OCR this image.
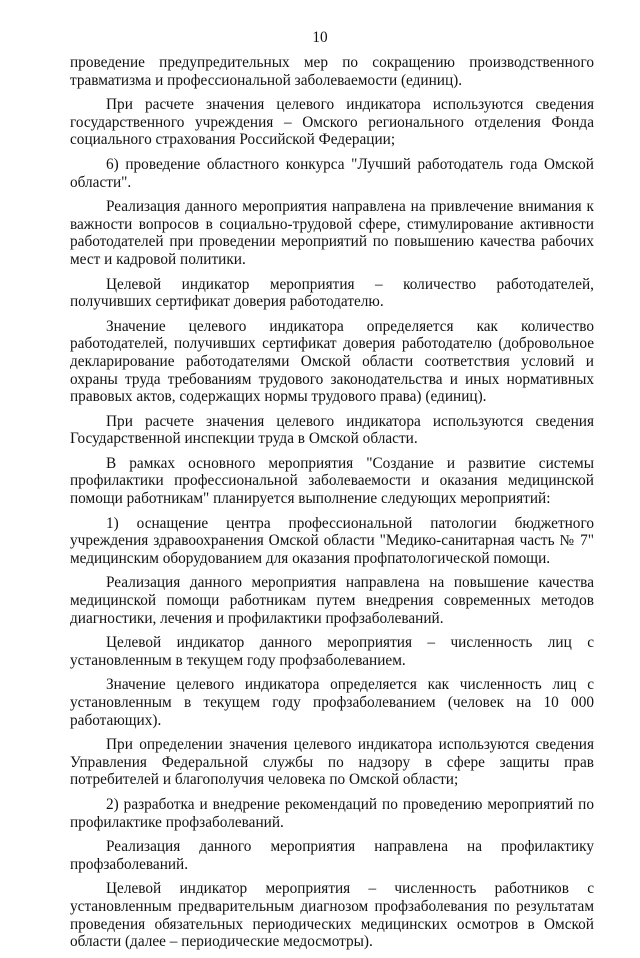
10

проведение предупредительных мер по сокращению производственного травматизма и профессиональной заболеваемости (единиц).

При расчете значения целевого индикатора используются сведения государственного учреждения – Омского регионального отделения Фонда социального страхования Российской Федерации;

6) проведение областного конкурса "Лучший работодатель года Омской области".

Реализация данного мероприятия направлена на привлечение внимания к важности вопросов в социально-трудовой сфере, стимулирование активности работодателей при проведении мероприятий по повышению качества рабочих мест и кадровой политики.

Целевой индикатор мероприятия – количество работодателей, получивших сертификат доверия работодателю.

Значение целевого индикатора определяется как количество работодателей, получивших сертификат доверия работодателю (добровольное декларирование работодателями Омской области соответствия условий и охраны труда требованиям трудового законодательства и иных нормативных правовых актов, содержащих нормы трудового права) (единиц).

При расчете значения целевого индикатора используются сведения Государственной инспекции труда в Омской области.

В рамках основного мероприятия "Создание и развитие системы профилактики профессиональной заболеваемости и оказания медицинской помощи работникам" планируется выполнение следующих мероприятий:

1) оснащение центра профессиональной патологии бюджетного учреждения здравоохранения Омской области "Медико-санитарная часть № 7" медицинским оборудованием для оказания профпатологической помощи.

Реализация данного мероприятия направлена на повышение качества медицинской помощи работникам путем внедрения современных методов диагностики, лечения и профилактики профзаболеваний.

Целевой индикатор данного мероприятия – численность лиц с установленным в текущем году профзаболеванием.

Значение целевого индикатора определяется как численность лиц с установленным в текущем году профзаболеванием (человек на 10 000 работающих).

При определении значения целевого индикатора используются сведения Управления Федеральной службы по надзору в сфере защиты прав потребителей и благополучия человека по Омской области;

2) разработка и внедрение рекомендаций по проведению мероприятий по профилактике профзаболеваний.

Реализация данного мероприятия направлена на профилактику профзаболеваний.

Целевой индикатор мероприятия – численность работников с установленным предварительным диагнозом профзаболевания по результатам проведения обязательных периодических медицинских осмотров в Омской области (далее – периодические медосмотры).
